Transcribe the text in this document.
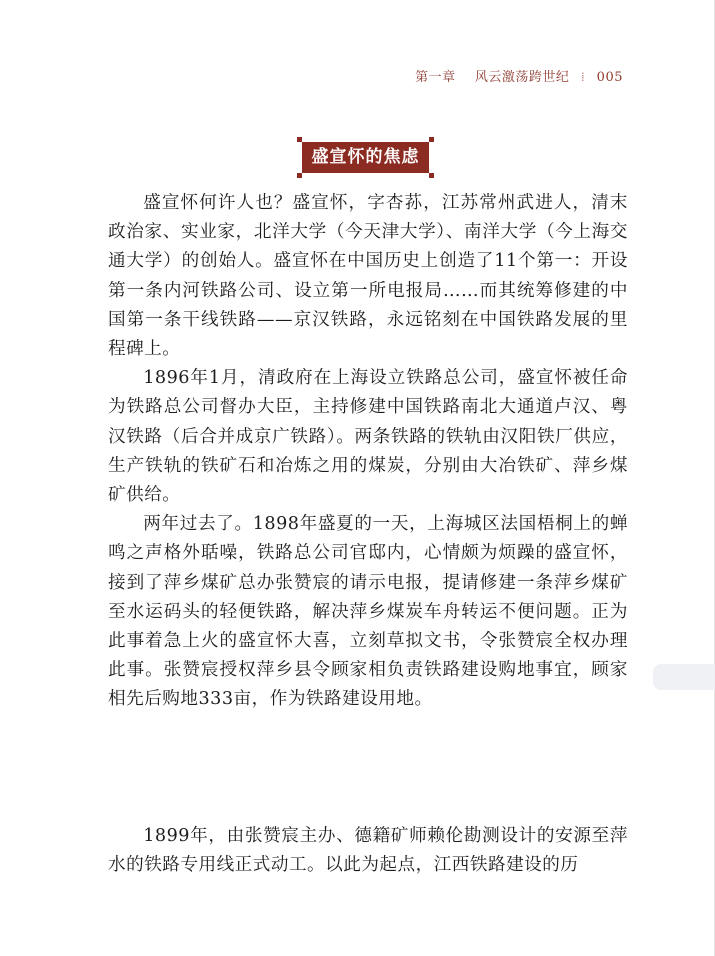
第一章 风云激荡跨世纪 ⁞ 005
盛宣怀的焦虑

盛宣怀何许人也？盛宣怀，字杏荪，江苏常州武进人，清末政治家、实业家，北洋大学（今天津大学）、南洋大学（今上海交通大学）的创始人。盛宣怀在中国历史上创造了11个第一：开设第一条内河铁路公司、设立第一所电报局……而其统筹修建的中国第一条干线铁路——京汉铁路，永远铭刻在中国铁路发展的里程碑上。

1896年1月，清政府在上海设立铁路总公司，盛宣怀被任命为铁路总公司督办大臣，主持修建中国铁路南北大通道卢汉、粤汉铁路（后合并成京广铁路）。两条铁路的铁轨由汉阳铁厂供应，生产铁轨的铁矿石和冶炼之用的煤炭，分别由大冶铁矿、萍乡煤矿供给。

两年过去了。1898年盛夏的一天，上海城区法国梧桐上的蝉鸣之声格外聒噪，铁路总公司官邸内，心情颇为烦躁的盛宣怀，接到了萍乡煤矿总办张赞宸的请示电报，提请修建一条萍乡煤矿至水运码头的轻便铁路，解决萍乡煤炭车舟转运不便问题。正为此事着急上火的盛宣怀大喜，立刻草拟文书，令张赞宸全权办理此事。张赞宸授权萍乡县令顾家相负责铁路建设购地事宜，顾家相先后购地333亩，作为铁路建设用地。

1899年，由张赞宸主办、德籍矿师赖伦勘测设计的安源至萍水的铁路专用线正式动工。以此为起点，江西铁路建设的历
